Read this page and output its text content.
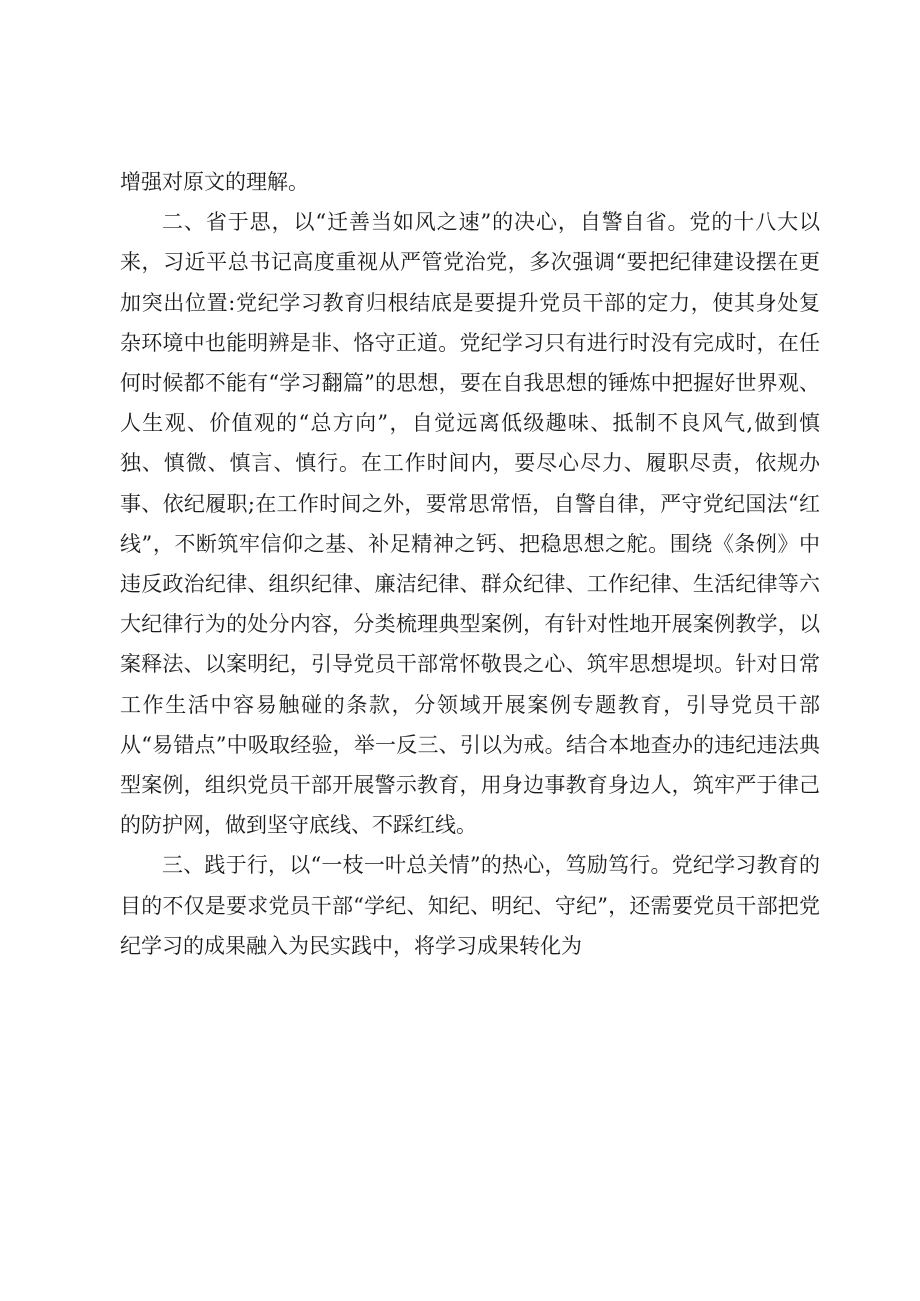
增强对原文的理解。

二、省于思，以“迁善当如风之速”的决心，自警自省。党的十八大以来，习近平总书记高度重视从严管党治党，多次强调“要把纪律建设摆在更加突出位置:党纪学习教育归根结底是要提升党员干部的定力，使其身处复杂环境中也能明辨是非、恪守正道。党纪学习只有进行时没有完成时，在任何时候都不能有“学习翻篇”的思想，要在自我思想的锤炼中把握好世界观、人生观、价值观的“总方向”，自觉远离低级趣味、抵制不良风气,做到慎独、慎微、慎言、慎行。在工作时间内，要尽心尽力、履职尽责，依规办事、依纪履职;在工作时间之外，要常思常悟，自警自律，严守党纪国法“红线”，不断筑牢信仰之基、补足精神之钙、把稳思想之舵。围绕《条例》中违反政治纪律、组织纪律、廉洁纪律、群众纪律、工作纪律、生活纪律等六大纪律行为的处分内容，分类梳理典型案例，有针对性地开展案例教学，以案释法、以案明纪，引导党员干部常怀敬畏之心、筑牢思想堤坝。针对日常工作生活中容易触碰的条款，分领域开展案例专题教育，引导党员干部从“易错点”中吸取经验，举一反三、引以为戒。结合本地查办的违纪违法典型案例，组织党员干部开展警示教育，用身边事教育身边人，筑牢严于律己的防护网，做到坚守底线、不踩红线。

三、践于行，以“一枝一叶总关情”的热心，笃励笃行。党纪学习教育的目的不仅是要求党员干部“学纪、知纪、明纪、守纪”，还需要党员干部把党纪学习的成果融入为民实践中，将学习成果转化为
